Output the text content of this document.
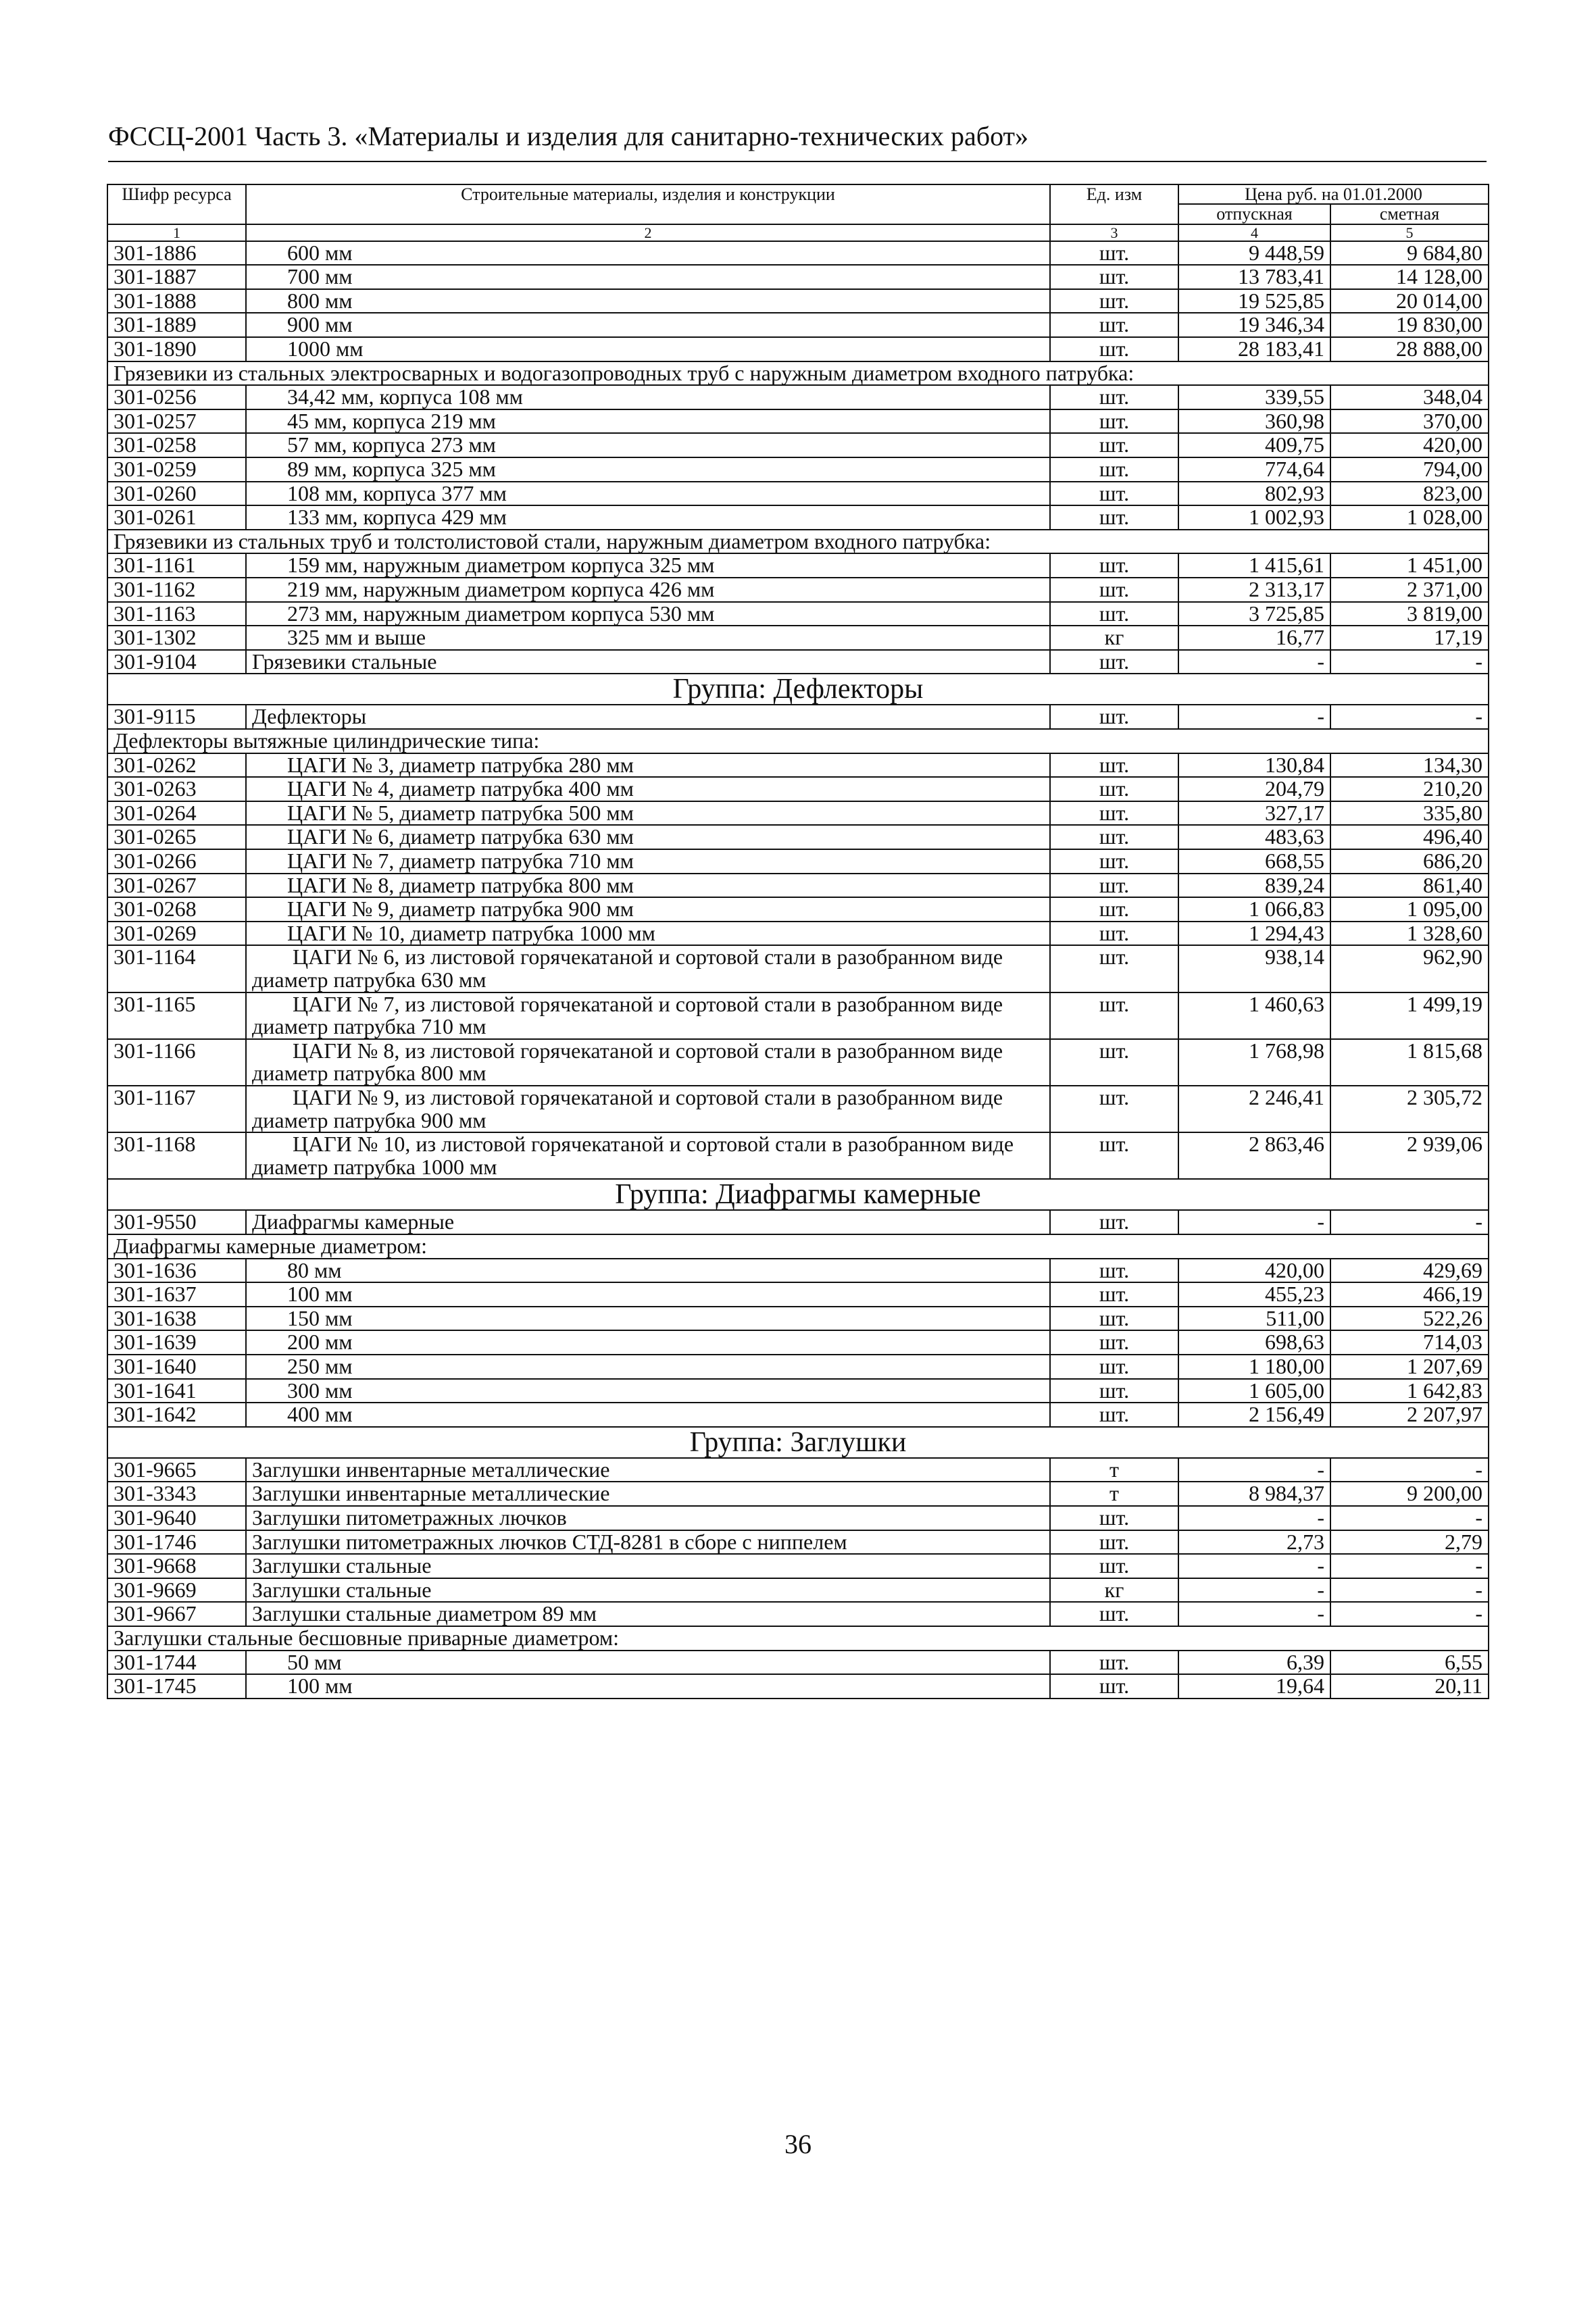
ФССЦ-2001 Часть 3. «Материалы и изделия для санитарно-технических работ»
Шифр ресурса	Строительные материалы, изделия и конструкции	Ед. изм	Цена руб. на 01.01.2000	
			отпускная	сметная
1	2	3	4	5
301-1886	600 мм	шт.	9 448,59	9 684,80
301-1887	700 мм	шт.	13 783,41	14 128,00
301-1888	800 мм	шт.	19 525,85	20 014,00
301-1889	900 мм	шт.	19 346,34	19 830,00
301-1890	1000 мм	шт.	28 183,41	28 888,00
Грязевики из стальных электросварных и водогазопроводных труб с наружным диаметром входного патрубка:				
301-0256	34,42 мм, корпуса 108 мм	шт.	339,55	348,04
301-0257	45 мм, корпуса 219 мм	шт.	360,98	370,00
301-0258	57 мм, корпуса 273 мм	шт.	409,75	420,00
301-0259	89 мм, корпуса 325 мм	шт.	774,64	794,00
301-0260	108 мм, корпуса 377 мм	шт.	802,93	823,00
301-0261	133 мм, корпуса 429 мм	шт.	1 002,93	1 028,00
Грязевики из стальных труб и толстолистовой стали, наружным диаметром входного патрубка:				
301-1161	159 мм, наружным диаметром корпуса 325 мм	шт.	1 415,61	1 451,00
301-1162	219 мм, наружным диаметром корпуса 426 мм	шт.	2 313,17	2 371,00
301-1163	273 мм, наружным диаметром корпуса 530 мм	шт.	3 725,85	3 819,00
301-1302	325 мм и выше	кг	16,77	17,19
301-9104	Грязевики стальные	шт.	-	-
Группа: Дефлекторы				
301-9115	Дефлекторы	шт.	-	-
Дефлекторы вытяжные цилиндрические типа:				
301-0262	ЦАГИ № 3, диаметр патрубка 280 мм	шт.	130,84	134,30
301-0263	ЦАГИ № 4, диаметр патрубка 400 мм	шт.	204,79	210,20
301-0264	ЦАГИ № 5, диаметр патрубка 500 мм	шт.	327,17	335,80
301-0265	ЦАГИ № 6, диаметр патрубка 630 мм	шт.	483,63	496,40
301-0266	ЦАГИ № 7, диаметр патрубка 710 мм	шт.	668,55	686,20
301-0267	ЦАГИ № 8, диаметр патрубка 800 мм	шт.	839,24	861,40
301-0268	ЦАГИ № 9, диаметр патрубка 900 мм	шт.	1 066,83	1 095,00
301-0269	ЦАГИ № 10, диаметр патрубка 1000 мм	шт.	1 294,43	1 328,60
301-1164	ЦАГИ № 6, из листовой горячекатаной и сортовой стали в разобранном виде диаметр патрубка 630 мм	шт.	938,14	962,90
301-1165	ЦАГИ № 7, из листовой горячекатаной и сортовой стали в разобранном виде диаметр патрубка 710 мм	шт.	1 460,63	1 499,19
301-1166	ЦАГИ № 8, из листовой горячекатаной и сортовой стали в разобранном виде диаметр патрубка 800 мм	шт.	1 768,98	1 815,68
301-1167	ЦАГИ № 9, из листовой горячекатаной и сортовой стали в разобранном виде диаметр патрубка 900 мм	шт.	2 246,41	2 305,72
301-1168	ЦАГИ № 10, из листовой горячекатаной и сортовой стали в разобранном виде диаметр патрубка 1000 мм	шт.	2 863,46	2 939,06
Группа: Диафрагмы камерные				
301-9550	Диафрагмы камерные	шт.	-	-
Диафрагмы камерные диаметром:				
301-1636	80 мм	шт.	420,00	429,69
301-1637	100 мм	шт.	455,23	466,19
301-1638	150 мм	шт.	511,00	522,26
301-1639	200 мм	шт.	698,63	714,03
301-1640	250 мм	шт.	1 180,00	1 207,69
301-1641	300 мм	шт.	1 605,00	1 642,83
301-1642	400 мм	шт.	2 156,49	2 207,97
Группа: Заглушки				
301-9665	Заглушки инвентарные металлические	т	-	-
301-3343	Заглушки инвентарные металлические	т	8 984,37	9 200,00
301-9640	Заглушки питометражных лючков	шт.	-	-
301-1746	Заглушки питометражных лючков СТД-8281 в сборе с ниппелем	шт.	2,73	2,79
301-9668	Заглушки стальные	шт.	-	-
301-9669	Заглушки стальные	кг	-	-
301-9667	Заглушки стальные диаметром 89 мм	шт.	-	-
Заглушки стальные бесшовные приварные диаметром:				
301-1744	50 мм	шт.	6,39	6,55
301-1745	100 мм	шт.	19,64	20,11
36
